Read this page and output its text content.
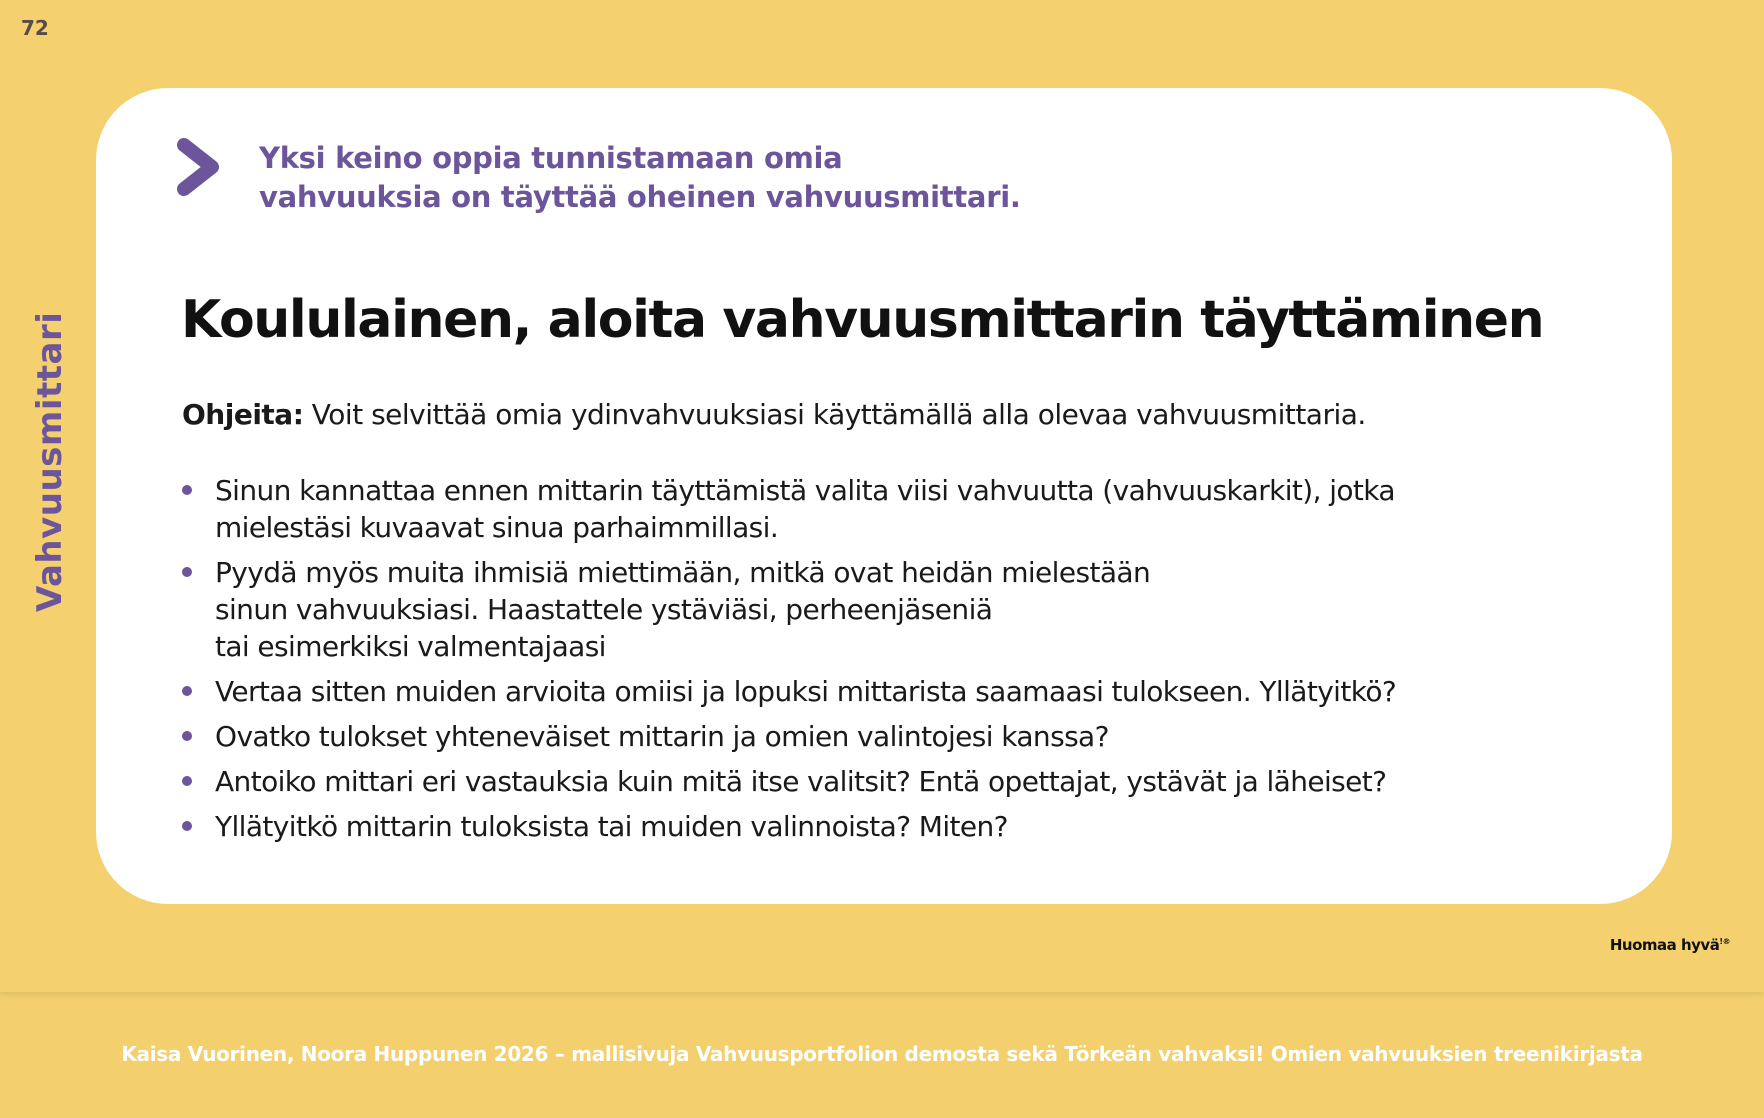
72
Vahvuusmittari
Yksi keino oppia tunnistamaan omia
vahvuuksia on täyttää oheinen vahvuusmittari.
Koululainen, aloita vahvuusmittarin täyttäminen
Ohjeita: Voit selvittää omia ydinvahvuuksiasi käyttämällä alla olevaa vahvuusmittaria.
Sinun kannattaa ennen mittarin täyttämistä valita viisi vahvuutta (vahvuuskarkit), jotka
mielestäsi kuvaavat sinua parhaimmillasi.
Pyydä myös muita ihmisiä miettimään, mitkä ovat heidän mielestään
sinun vahvuuksiasi. Haastattele ystäviäsi, perheenjäseniä
tai esimerkiksi valmentajaasi
Vertaa sitten muiden arvioita omiisi ja lopuksi mittarista saamaasi tulokseen. Yllätyitkö?
Ovatko tulokset yhteneväiset mittarin ja omien valintojesi kanssa?
Antoiko mittari eri vastauksia kuin mitä itse valitsit? Entä opettajat, ystävät ja läheiset?
Yllätyitkö mittarin tuloksista tai muiden valinnoista? Miten?
Huomaa hyvä!®
Kaisa Vuorinen, Noora Huppunen 2026 – mallisivuja Vahvuusportfolion demosta sekä Törkeän vahvaksi! Omien vahvuuksien treenikirjasta
